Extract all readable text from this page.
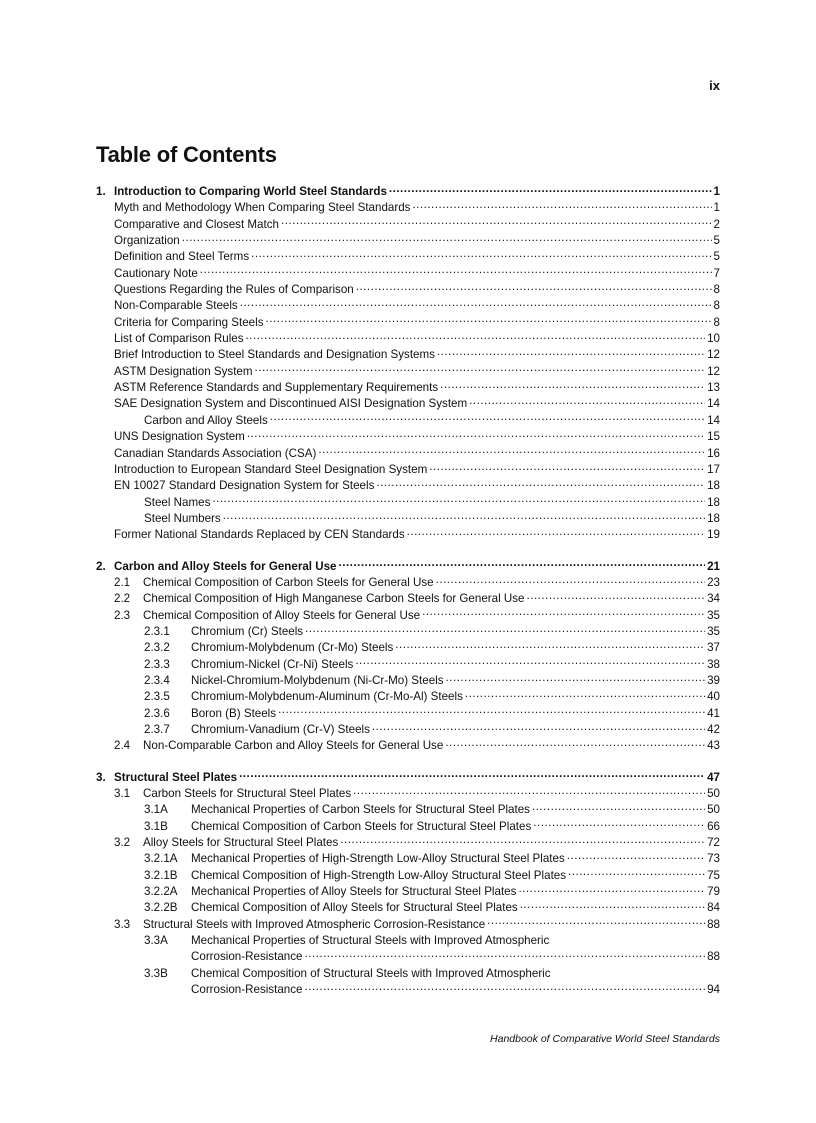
ix
Table of Contents
1. Introduction to Comparing World Steel Standards .....	1
Myth and Methodology When Comparing Steel Standards .....	1
Comparative and Closest Match .....	2
Organization .....	5
Definition and Steel Terms .....	5
Cautionary Note .....	7
Questions Regarding the Rules of Comparison .....	8
Non-Comparable Steels .....	8
Criteria for Comparing Steels .....	8
List of Comparison Rules .....	10
Brief Introduction to Steel Standards and Designation Systems .....	12
ASTM Designation System .....	12
ASTM Reference Standards and Supplementary Requirements .....	13
SAE Designation System and Discontinued AISI Designation System .....	14
Carbon and Alloy Steels .....	14
UNS Designation System .....	15
Canadian Standards Association (CSA) .....	16
Introduction to European Standard Steel Designation System .....	17
EN 10027 Standard Designation System for Steels .....	18
Steel Names .....	18
Steel Numbers .....	18
Former National Standards Replaced by CEN Standards .....	19
2. Carbon and Alloy Steels for General Use .....	21
2.1	Chemical Composition of Carbon Steels for General Use .....	23
2.2	Chemical Composition of High Manganese Carbon Steels for General Use .....	34
2.3	Chemical Composition of Alloy Steels for General Use .....	35
2.3.1	Chromium (Cr) Steels .....	35
2.3.2	Chromium-Molybdenum (Cr-Mo) Steels .....	37
2.3.3	Chromium-Nickel (Cr-Ni) Steels .....	38
2.3.4	Nickel-Chromium-Molybdenum (Ni-Cr-Mo) Steels .....	39
2.3.5	Chromium-Molybdenum-Aluminum (Cr-Mo-Al) Steels .....	40
2.3.6	Boron (B) Steels .....	41
2.3.7	Chromium-Vanadium (Cr-V) Steels .....	42
2.4	Non-Comparable Carbon and Alloy Steels for General Use .....	43
3. Structural Steel Plates .....	47
3.1	Carbon Steels for Structural Steel Plates .....	50
3.1A	Mechanical Properties of Carbon Steels for Structural Steel Plates .....	50
3.1B	Chemical Composition of Carbon Steels for Structural Steel Plates .....	66
3.2	Alloy Steels for Structural Steel Plates .....	72
3.2.1A	Mechanical Properties of High-Strength Low-Alloy Structural Steel Plates .....	73
3.2.1B	Chemical Composition of High-Strength Low-Alloy Structural Steel Plates .....	75
3.2.2A	Mechanical Properties of Alloy Steels for Structural Steel Plates .....	79
3.2.2B	Chemical Composition of Alloy Steels for Structural Steel Plates .....	84
3.3	Structural Steels with Improved Atmospheric Corrosion-Resistance .....	88
3.3A	Mechanical Properties of Structural Steels with Improved Atmospheric
Corrosion-Resistance .....	88
3.3B	Chemical Composition of Structural Steels with Improved Atmospheric
Corrosion-Resistance .....	94
Handbook of Comparative World Steel Standards
